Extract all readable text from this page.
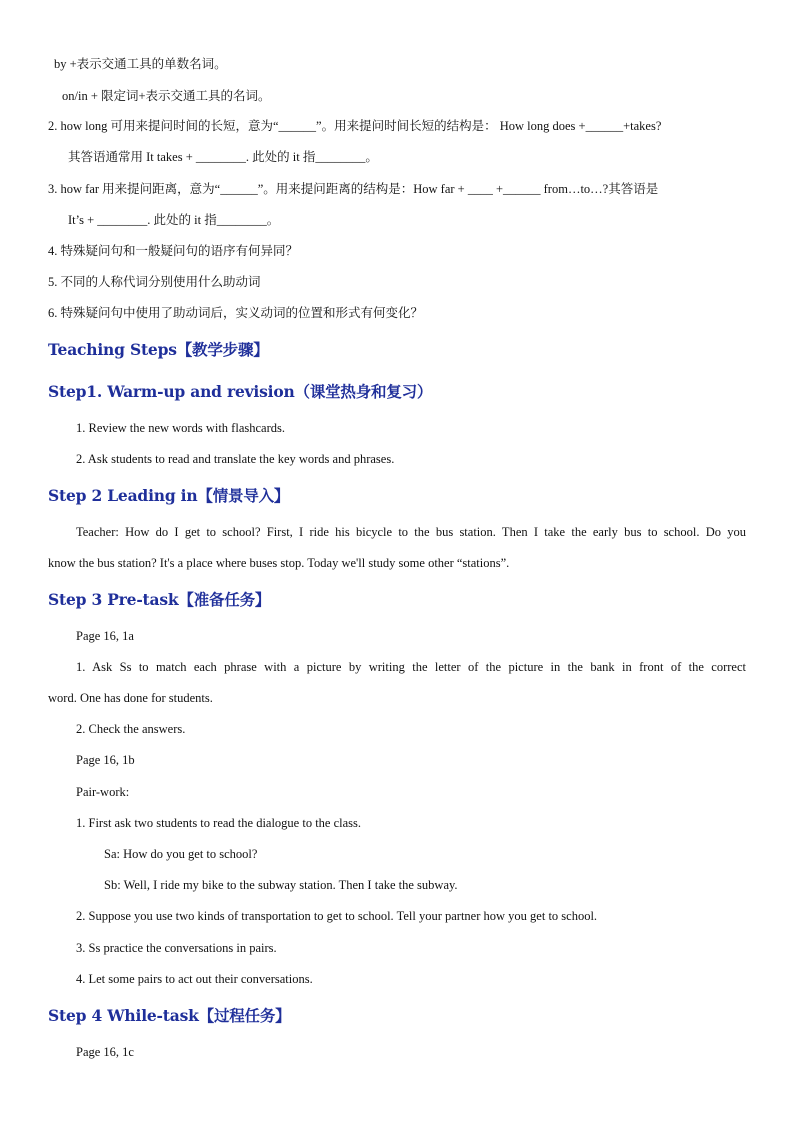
by +表示交通工具的单数名词。
on/in + 限定词+表示交通工具的名词。
2. how long 可用来提问时间的长短，意为“______”。用来提问时间长短的结构是： How long does +______+takes?
其答语通常用 It takes + ________. 此处的 it 指________。
3. how far 用来提问距离，意为“______”。用来提问距离的结构是：How far + ____ +______ from…to…?其答语是
It’s + ________. 此处的 it 指________。
4. 特殊疑问句和一般疑问句的语序有何异同？
5. 不同的人称代词分别使用什么助动词
6. 特殊疑问句中使用了助动词后，实义动词的位置和形式有何变化？
Teaching Steps【教学步骤】
Step1. Warm-up and revision（课堂热身和复习）
1. Review the new words with flashcards.
2. Ask students to read and translate the key words and phrases.
Step 2 Leading in【情景导入】
Teacher: How do I get to school? First, I ride his bicycle to the bus station. Then I take the early bus to school. Do you
know the bus station? It's a place where buses stop. Today we'll study some other “stations”.
Step 3 Pre-task【准备任务】
Page 16, 1a
1. Ask Ss to match each phrase with a picture by writing the letter of the picture in the bank in front of the correct
word. One has done for students.
2. Check the answers.
Page 16, 1b
Pair-work:
1. First ask two students to read the dialogue to the class.
Sa: How do you get to school?
Sb: Well, I ride my bike to the subway station. Then I take the subway.
2. Suppose you use two kinds of transportation to get to school. Tell your partner how you get to school.
3. Ss practice the conversations in pairs.
4. Let some pairs to act out their conversations.
Step 4 While-task【过程任务】
Page 16, 1c
